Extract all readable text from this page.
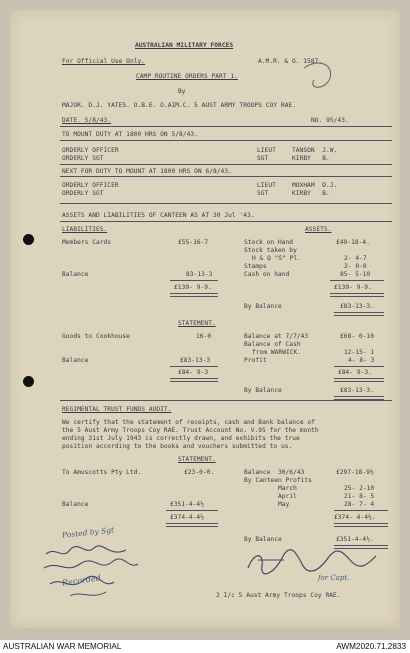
AUSTRALIAN MILITARY FORCES
For Official Use Only.	A.M.R. & O. 1587.
CAMP ROUTINE ORDERS PART 1.
By
MAJOR. D.J. YATES. O.B.E. O.AIM.C. 5 AUST ARMY TROOPS COY RAE.
DATE. 5/8/43.	NO. 95/43.
TO MOUNT DUTY AT 1800 HRS ON 5/8/43.
ORDERLY OFFICER	LIEUT	TANSON  J.W.
ORDERLY SGT	SGT	KIRBY   B.
NEXT FOR DUTY TO MOUNT AT 1800 HRS ON 6/8/43.
ORDERLY OFFICER	LIEUT	MOXHAM  D.J.
ORDERLY SGT	SGT	KIRBY   B.
ASSETS AND LIABILITIES OF CANTEEN AS AT 30 Jul '43.
LIABILITIES.	ASSETS.
Members Cards	£55-16-7	Stock on Hand	£49-18-4.
Stock taken by
H & Q "S" Pl.	2- 4-7
Stamps	2- 0-0
Balance	83-13-3	Cash on hand	85- 5-10
£139- 9-9.	£139- 9-9.
By Balance	£83-13-3.
STATEMENT.
Goods to Cookhouse	16-0	Balance at 7/7/43	£68- 0-10
Balance of Cash
from WARWICK.	12-15- 1
Balance	£83-13-3	Profit	4- 8- 3
£84- 9-3	£84- 9-3.
By Balance	£83-13-3.
REGIMENTAL TRUST FUNDS AUDIT.
We certify that the statement of receipts, cash and Bank balance of
the 5 Aust Army Troops Coy RAE. Trust Account No. V.95 for the month
ending 31st July 1943 is correctly drawn, and exhibits the true
position according to the books and vouchers submitted to us.
STATEMENT.
To Amuscotts Pty Ltd.	£23-0-0.	Balance  30/6/43	£297-18-9½
By Canteen Profits
March	25- 2-10
April	21- 8- 5
Balance	£351-4-4½	May	28- 7- 4
£374-4-4½	£374- 4-4½.
By Balance	£351-4-4½.
Posted by Sgt
Recorded	for Capt.
2 I/c 5 Aust Army Troops Coy RAE.
AUSTRALIAN WAR MEMORIAL	AWM2020.71.2833
